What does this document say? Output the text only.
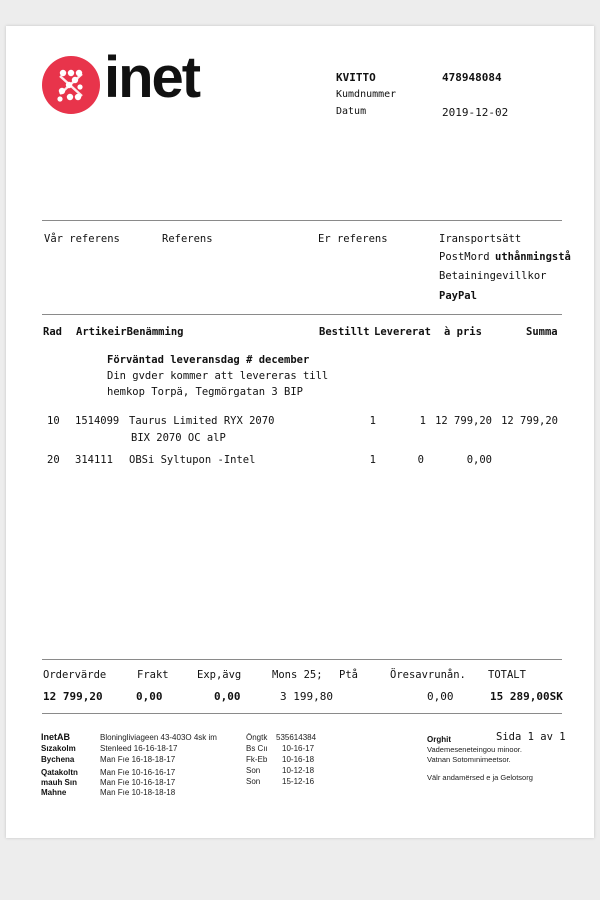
inet	KVITTO	478948084
Kumdnummer
Datum	2019-12-02
Vår referens	Referens	Er referens	Iransportsätt
PostMord uthånmingstå
Betainingevillkor
PayPal
Rad ArtikeirBenämming	Bestillt Levererat à pris	Summa
Förväntad leveransdag # december
Din gvder kommer att levereras till
hemkop Torpä, Tegmörgatan 3 BIP
10 1514099 Taurus Limited RYX 2070
BIX 2070 OC alP
1	1 12 799,20 12 799,20
20 314111 OBSi Syltupon -Intel	1	0	0,00
Ordervärde	Frakt	Exp,ävg	Mons 25; Ptå	Öresavrunån. TOTALT
12 799,20	0,00	0,00	3 199,80	0,00	15 289,00SK
InetAB	Bloningliviageen 43-403O 4sk im
Sızakolm	Stenleed 16-16-18-17
Bychena	Man Fıe 16-18-18-17
Qatakoltn	Man Fıe 10-16-16-17
mauh Sın	Man Fıe 10-16-18-17
Mahne	Man Fıe 10-18-18-18
Öngtk 535614384
Bs Cıı 10-16-17
Fk-Eb 10-16-18
Son	10-12-18
Son	15-12-16
Orghit	Sida 1 av 1
Vademeseneteingou minoor.
Vatnan Sotomınimeetsor.
Välr andamërsed e ja Gelotsorg
